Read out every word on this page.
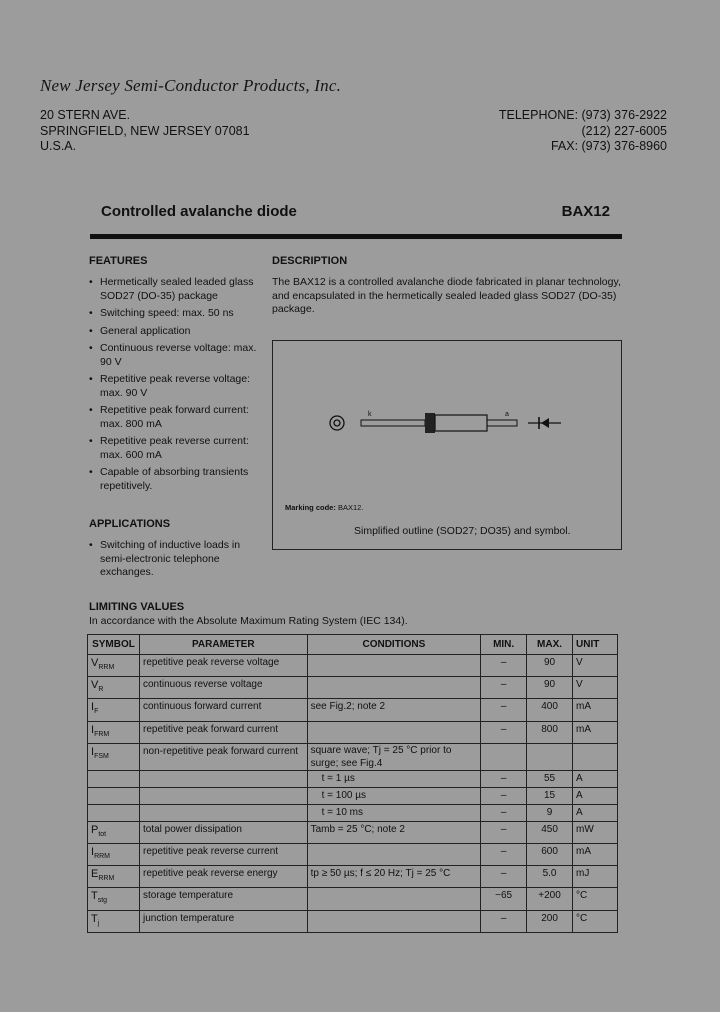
New Jersey Semi-Conductor Products, Inc.
20 STERN AVE.
SPRINGFIELD, NEW JERSEY 07081
U.S.A.
TELEPHONE: (973) 376-2922
(212) 227-6005
FAX: (973) 376-8960
Controlled avalanche diode	BAX12
FEATURES
• Hermetically sealed leaded glass SOD27 (DO-35) package
• Switching speed: max. 50 ns
• General application
• Continuous reverse voltage: max. 90 V
• Repetitive peak reverse voltage: max. 90 V
• Repetitive peak forward current: max. 800 mA
• Repetitive peak reverse current: max. 600 mA
• Capable of absorbing transients repetitively.
DESCRIPTION
The BAX12 is a controlled avalanche diode fabricated in planar technology, and encapsulated in the hermetically sealed leaded glass SOD27 (DO-35) package.
APPLICATIONS
• Switching of inductive loads in semi-electronic telephone exchanges.
k	a
Marking code: BAX12.
Simplified outline (SOD27; DO35) and symbol.
LIMITING VALUES
In accordance with the Absolute Maximum Rating System (IEC 134).
SYMBOL	PARAMETER	CONDITIONS	MIN.	MAX.	UNIT
$V_{RRM}$	repetitive peak reverse voltage		–	90	V
$V_R$	continuous reverse voltage		–	90	V
$I_F$	continuous forward current	see Fig.2; note 2	–	400	mA
$I_{FRM}$	repetitive peak forward current		–	800	mA
$I_{FSM}$	non-repetitive peak forward current	square wave; Tj = 25 °C prior to surge; see Fig.4			
		t = 1 µs	–	55	A
		t = 100 µs	–	15	A
		t = 10 ms	–	9	A
$P_{tot}$	total power dissipation	Tamb = 25 °C; note 2	–	450	mW
$I_{RRM}$	repetitive peak reverse current		–	600	mA
$E_{RRM}$	repetitive peak reverse energy	tp ≥ 50 µs; f ≤ 20 Hz; Tj = 25 °C	–	5.0	mJ
$T_{stg}$	storage temperature		−65	+200	°C
$T_j$	junction temperature		–	200	°C
